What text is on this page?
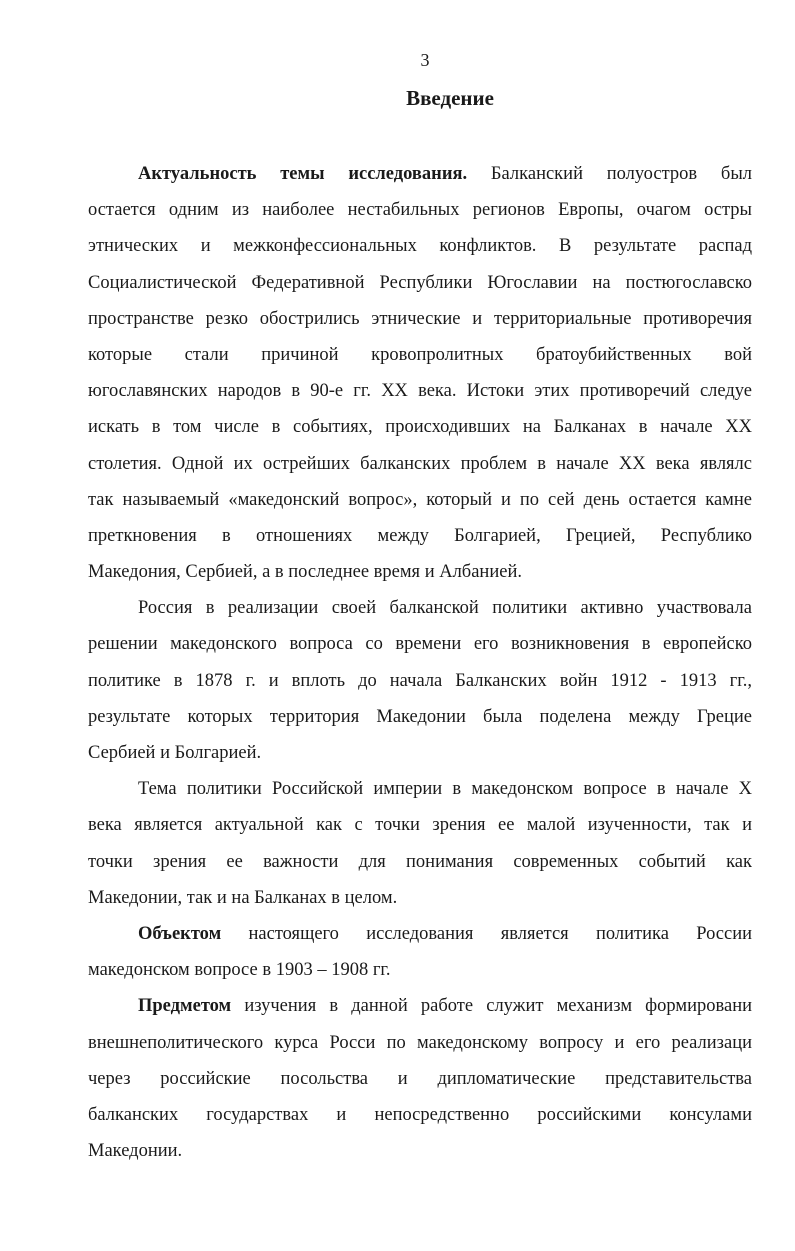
3
Введение
Актуальность темы исследования. Балканский полуостров был
остается одним из наиболее нестабильных регионов Европы, очагом остры
этнических и межконфессиональных конфликтов. В результате распад
Социалистической Федеративной Республики Югославии на постюгославско
пространстве резко обострились этнические и территориальные противоречия
которые стали причиной кровопролитных братоубийственных вой
югославянских народов в 90-е гг. XX века. Истоки этих противоречий следуе
искать в том числе в событиях, происходивших на Балканах в начале XX
столетия. Одной их острейших балканских проблем в начале XX века являлс
так называемый «македонский вопрос», который и по сей день остается камне
преткновения в отношениях между Болгарией, Грецией, Республико
Македония, Сербией, а в последнее время и Албанией.
Россия в реализации своей балканской политики активно участвовала
решении македонского вопроса со времени его возникновения в европейско
политике в 1878 г. и вплоть до начала Балканских войн 1912 - 1913 гг.,
результате которых территория Македонии была поделена между Грецие
Сербией и Болгарией.
Тема политики Российской империи в македонском вопросе в начале Х
века является актуальной как с точки зрения ее малой изученности, так и
точки зрения ее важности для понимания современных событий как
Македонии, так и на Балканах в целом.
Объектом настоящего исследования является политика России
македонском вопросе в 1903 – 1908 гг.
Предметом изучения в данной работе служит механизм формировани
внешнеполитического курса Росси по македонскому вопросу и его реализаци
через российские посольства и дипломатические представительства
балканских государствах и непосредственно российскими консулами
Македонии.
